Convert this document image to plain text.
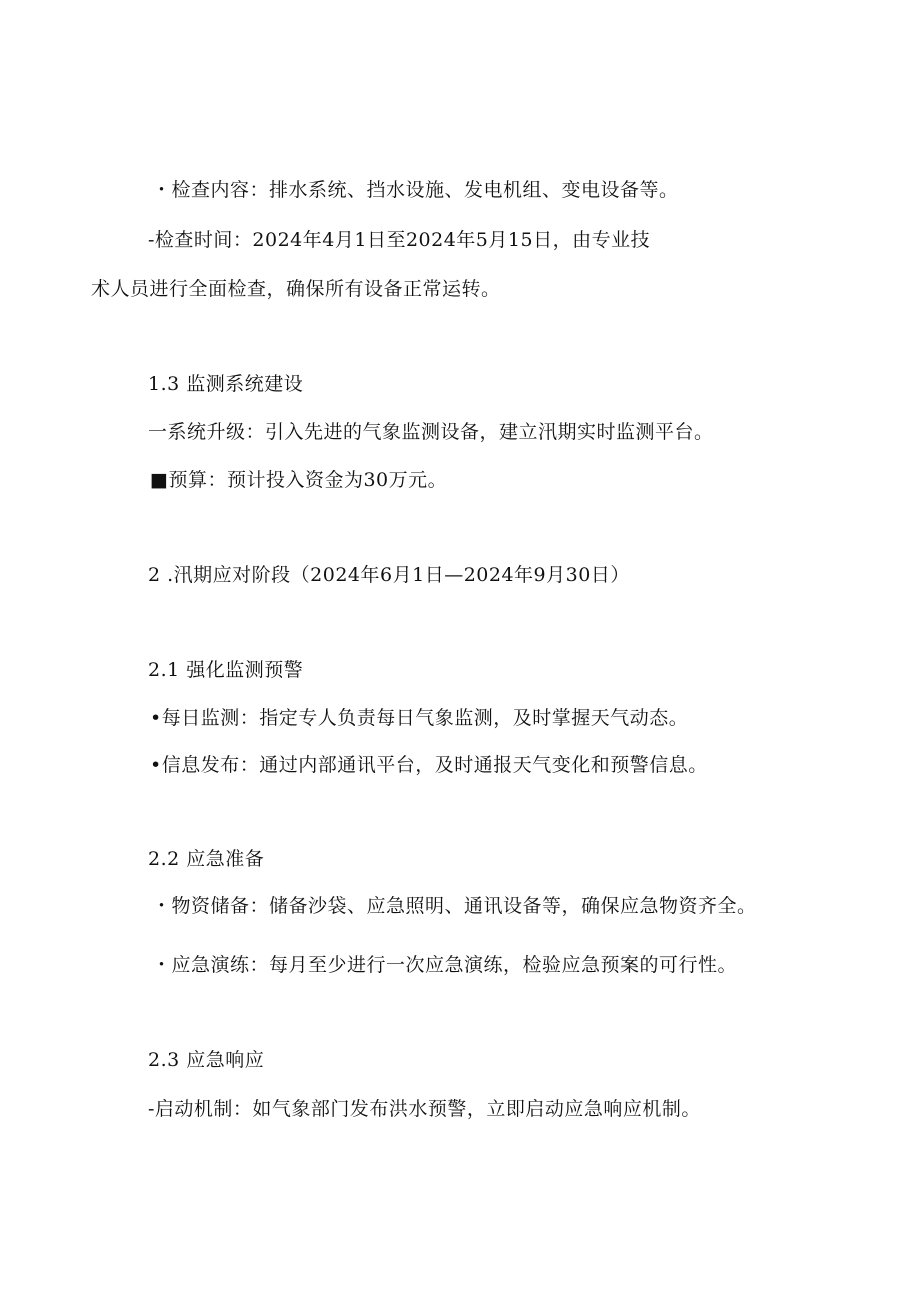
・检查内容：排水系统、挡水设施、发电机组、变电设备等。
-检查时间：2024年4月1日至2024年5月15日，由专业技
术人员进行全面检查，确保所有设备正常运转。
1.3 监测系统建设
一系统升级：引入先进的气象监测设备，建立汛期实时监测平台。
■预算：预计投入资金为30万元。
2 .汛期应对阶段（2024年6月1日—2024年9月30日）
2.1 强化监测预警
•每日监测：指定专人负责每日气象监测，及时掌握天气动态。
•信息发布：通过内部通讯平台，及时通报天气变化和预警信息。
2.2 应急准备
・物资储备：储备沙袋、应急照明、通讯设备等，确保应急物资齐全。
・应急演练：每月至少进行一次应急演练，检验应急预案的可行性。
2.3 应急响应
-启动机制：如气象部门发布洪水预警，立即启动应急响应机制。
